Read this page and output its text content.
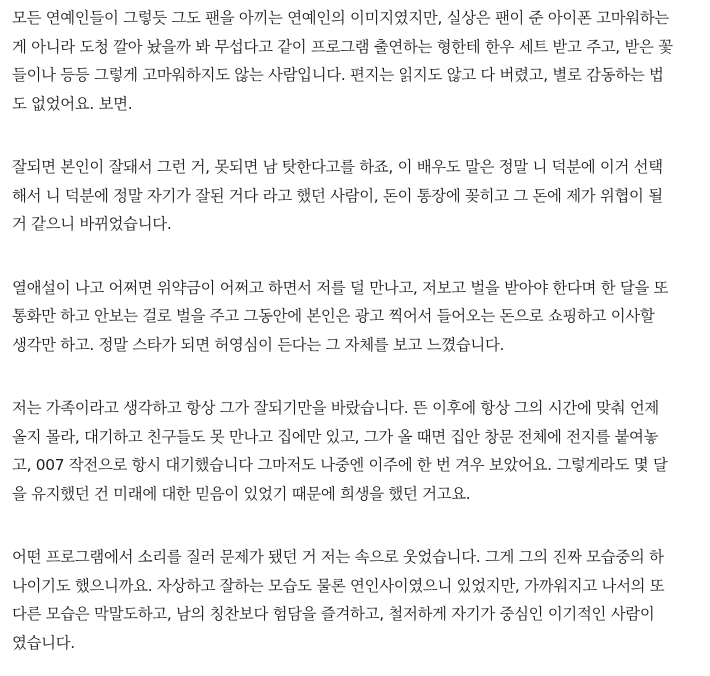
모든 연예인들이 그렇듯 그도 팬을 아끼는 연예인의 이미지였지만, 실상은 팬이 준 아이폰 고마워하는
게 아니라 도청 깔아 놨을까 봐 무섭다고 같이 프로그램 출연하는 형한테 한우 세트 받고 주고, 받은 꽃
들이나 등등 그렇게 고마워하지도 않는 사람입니다. 편지는 읽지도 않고 다 버렸고, 별로 감동하는 법
도 없었어요. 보면.
잘되면 본인이 잘돼서 그런 거, 못되면 남 탓한다고를 하죠, 이 배우도 말은 정말 니 덕분에 이거 선택
해서 니 덕분에 정말 자기가 잘된 거다 라고 했던 사람이, 돈이 통장에 꽂히고 그 돈에 제가 위협이 될
거 같으니 바뀌었습니다.
열애설이 나고 어쩌면 위약금이 어쩌고 하면서 저를 덜 만나고, 저보고 벌을 받아야 한다며 한 달을 또
통화만 하고 안보는 걸로 벌을 주고 그동안에 본인은 광고 찍어서 들어오는 돈으로 쇼핑하고 이사할
생각만 하고. 정말 스타가 되면 허영심이 든다는 그 자체를 보고 느꼈습니다.
저는 가족이라고 생각하고 항상 그가 잘되기만을 바랐습니다. 뜬 이후에 항상 그의 시간에 맞춰 언제
올지 몰라, 대기하고 친구들도 못 만나고 집에만 있고, 그가 올 때면 집안 창문 전체에 전지를 붙여놓
고, 007 작전으로 항시 대기했습니다 그마저도 나중엔 이주에 한 번 겨우 보았어요. 그렇게라도 몇 달
을 유지했던 건 미래에 대한 믿음이 있었기 때문에 희생을 했던 거고요.
어떤 프로그램에서 소리를 질러 문제가 됐던 거 저는 속으로 웃었습니다. 그게 그의 진짜 모습중의 하
나이기도 했으니까요. 자상하고 잘하는 모습도 물론 연인사이였으니 있었지만, 가까워지고 나서의 또
다른 모습은 막말도하고, 남의 칭찬보다 험담을 즐겨하고, 철저하게 자기가 중심인 이기적인 사람이
였습니다.
